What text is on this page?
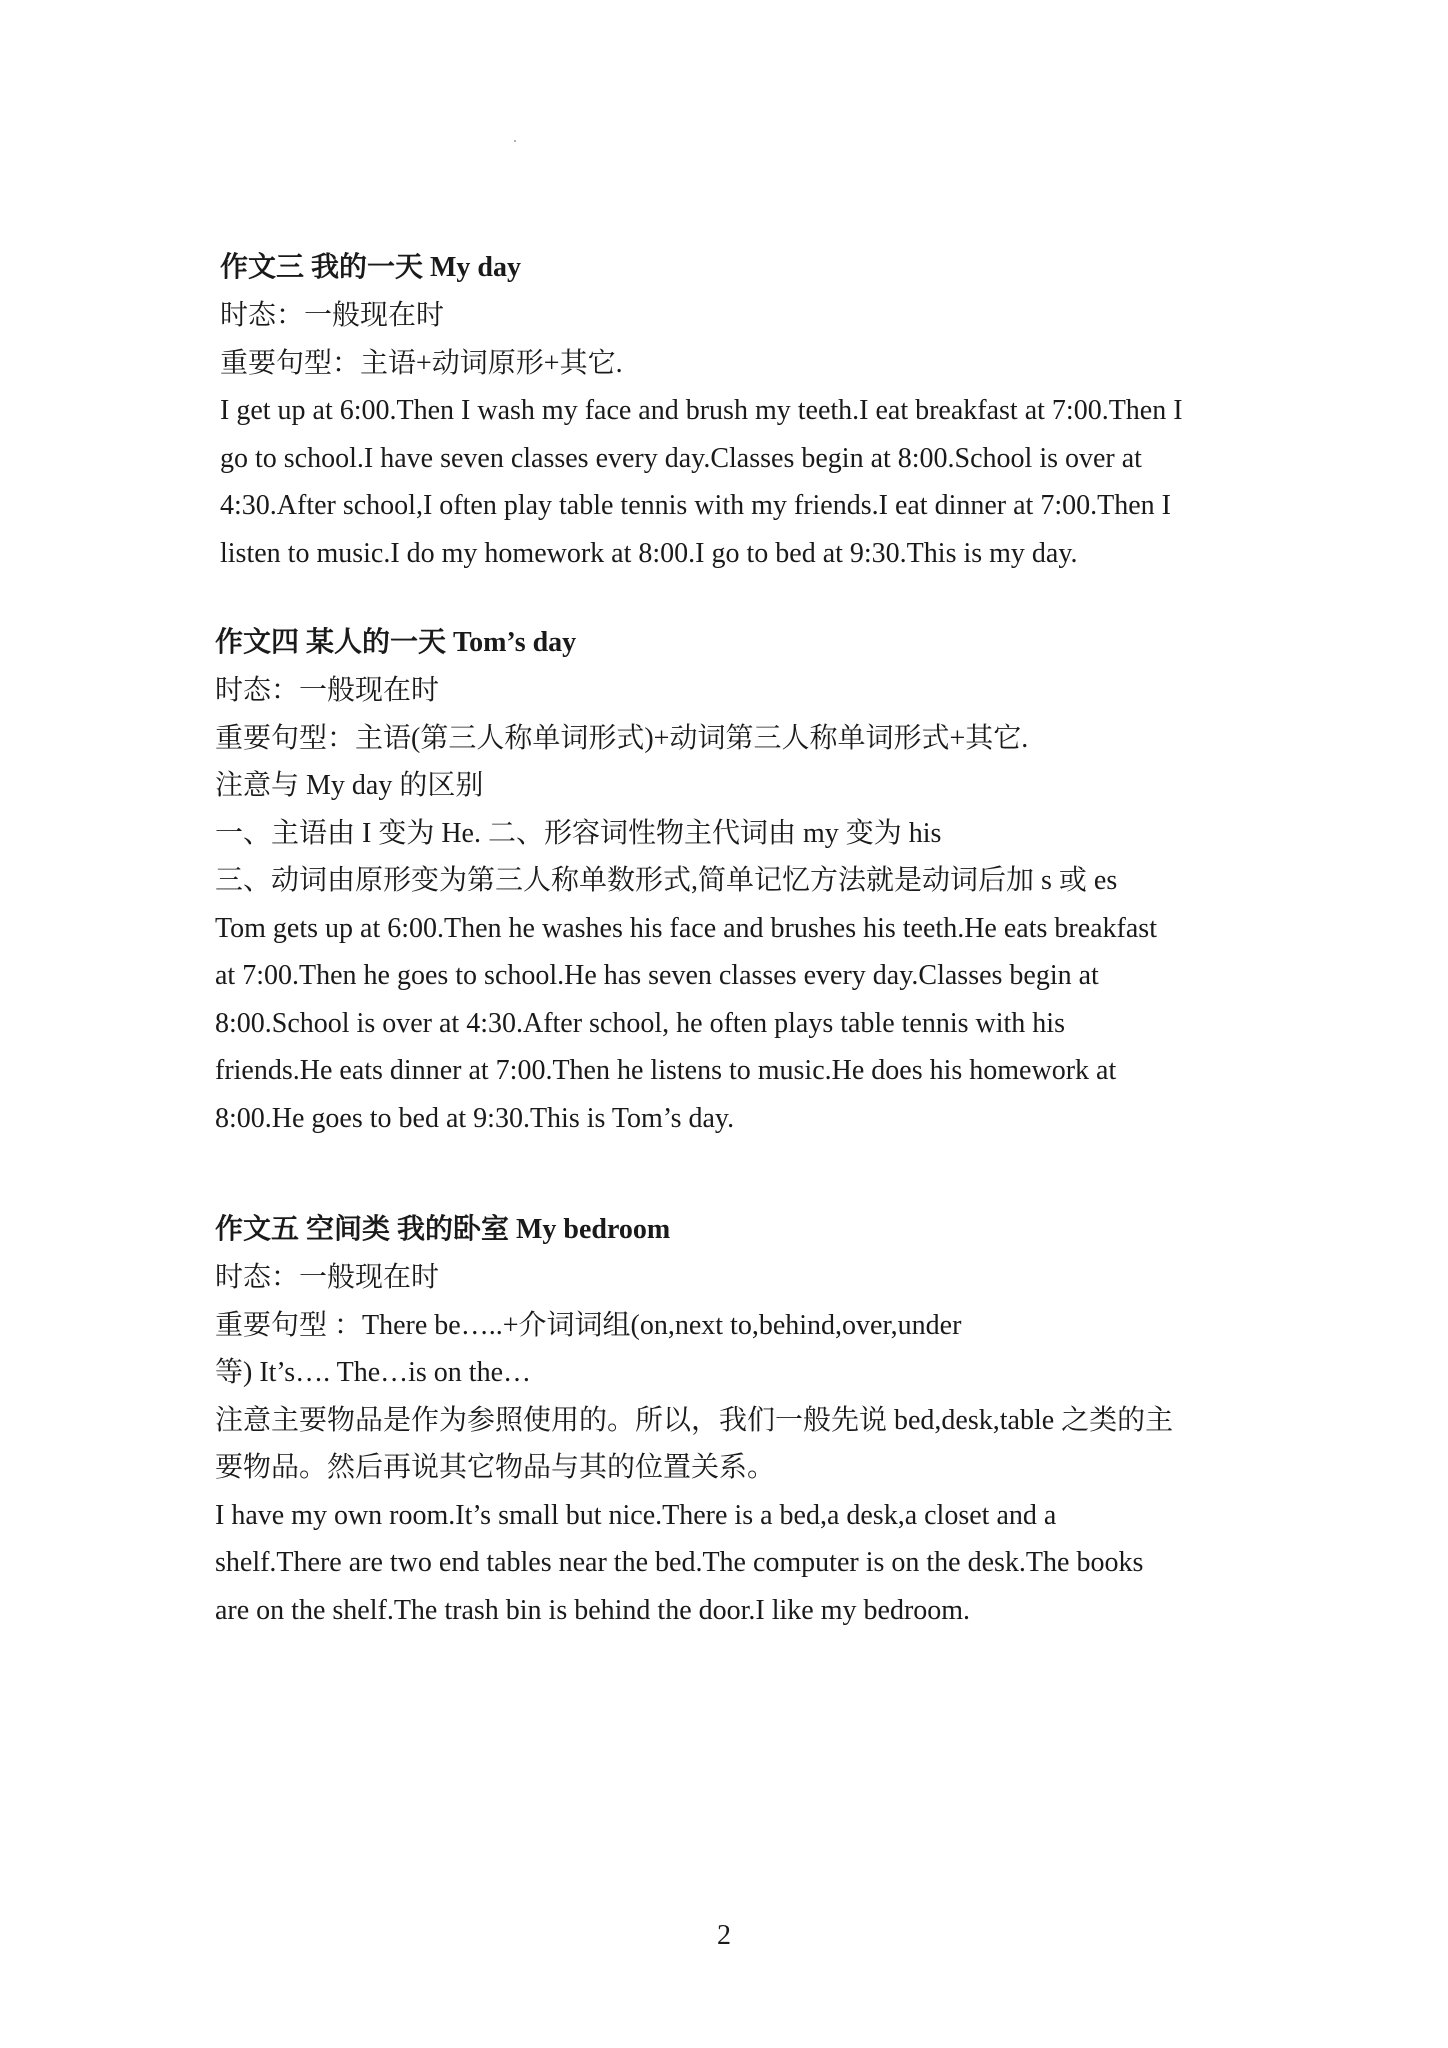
作文三 我的一天 My day
时态：一般现在时
重要句型：主语+动词原形+其它.
I get up at 6:00.Then I wash my face and brush my teeth.I eat breakfast at 7:00.Then I
go to school.I have seven classes every day.Classes begin at 8:00.School is over at
4:30.After school,I often play table tennis with my friends.I eat dinner at 7:00.Then I
listen to music.I do my homework at 8:00.I go to bed at 9:30.This is my day.
作文四 某人的一天 Tom’s day
时态：一般现在时
重要句型：主语(第三人称单词形式)+动词第三人称单词形式+其它.
注意与 My day 的区别
一、主语由 I 变为 He. 二、形容词性物主代词由 my 变为 his
三、动词由原形变为第三人称单数形式,简单记忆方法就是动词后加 s 或 es
Tom gets up at 6:00.Then he washes his face and brushes his teeth.He eats breakfast
at 7:00.Then he goes to school.He has seven classes every day.Classes begin at
8:00.School is over at 4:30.After school, he often plays table tennis with his
friends.He eats dinner at 7:00.Then he listens to music.He does his homework at
8:00.He goes to bed at 9:30.This is Tom’s day.
作文五 空间类 我的卧室 My bedroom
时态：一般现在时
重要句型 ：There be…..+介词词组(on,next to,behind,over,under
等) It’s…. The…is on the…
注意主要物品是作为参照使用的。所以，我们一般先说 bed,desk,table 之类的主
要物品。然后再说其它物品与其的位置关系。
I have my own room.It’s small but nice.There is a bed,a desk,a closet and a
shelf.There are two end tables near the bed.The computer is on the desk.The books
are on the shelf.The trash bin is behind the door.I like my bedroom.
2
